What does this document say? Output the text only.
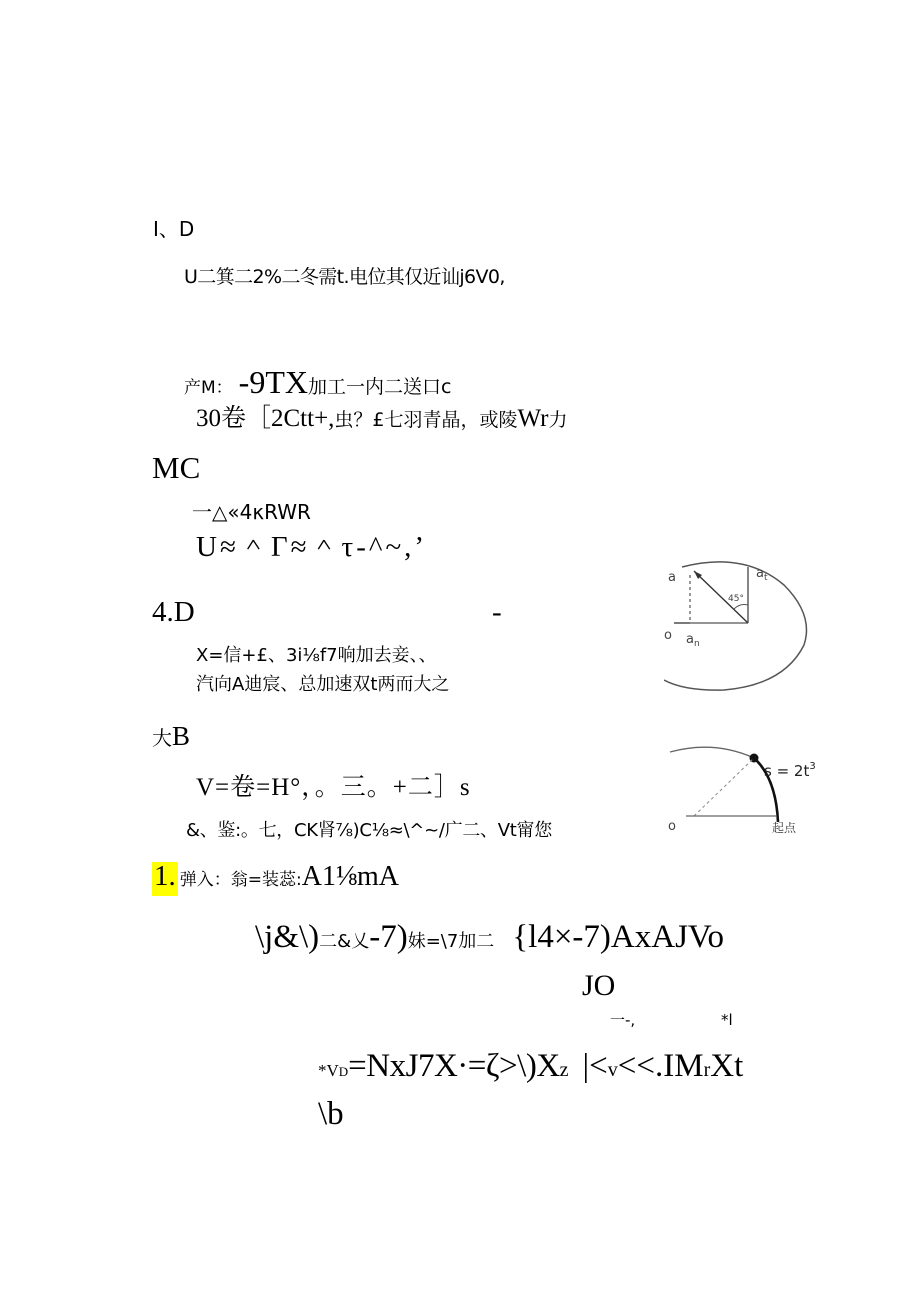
I、D
U二箕二2%二冬需t.电位其仅近讪j6V0,
产M： -9TX加工一内二送口c
30卷［2Ctt+,虫？£七羽青晶，或陵Wr力
MC
一△«4κRWR
U≈＾Γ≈＾τ-^~,’
4.D	-
X=信+£、3i⅛f7响加去妾、、
汽向A迪宸、总加速双t两而大之
大B
V=卷=H°，。三。+二］s
&、鉴:。七，CK肾⅞)C⅛≈\^~/广二、Vt甯您
1. 弹入：翁=装蕊:A1⅛mA
\j&\)二&乂-7)妹=\7加二 {l4×-7)AxAJVo
JO
一-,	*l
*VD=NxJ7X·=ζ>\)Xz |<v<<.IMrXt
\b
a	$a_t$
$a_n$
o
45°
$s = 2t^3$
o	起点
